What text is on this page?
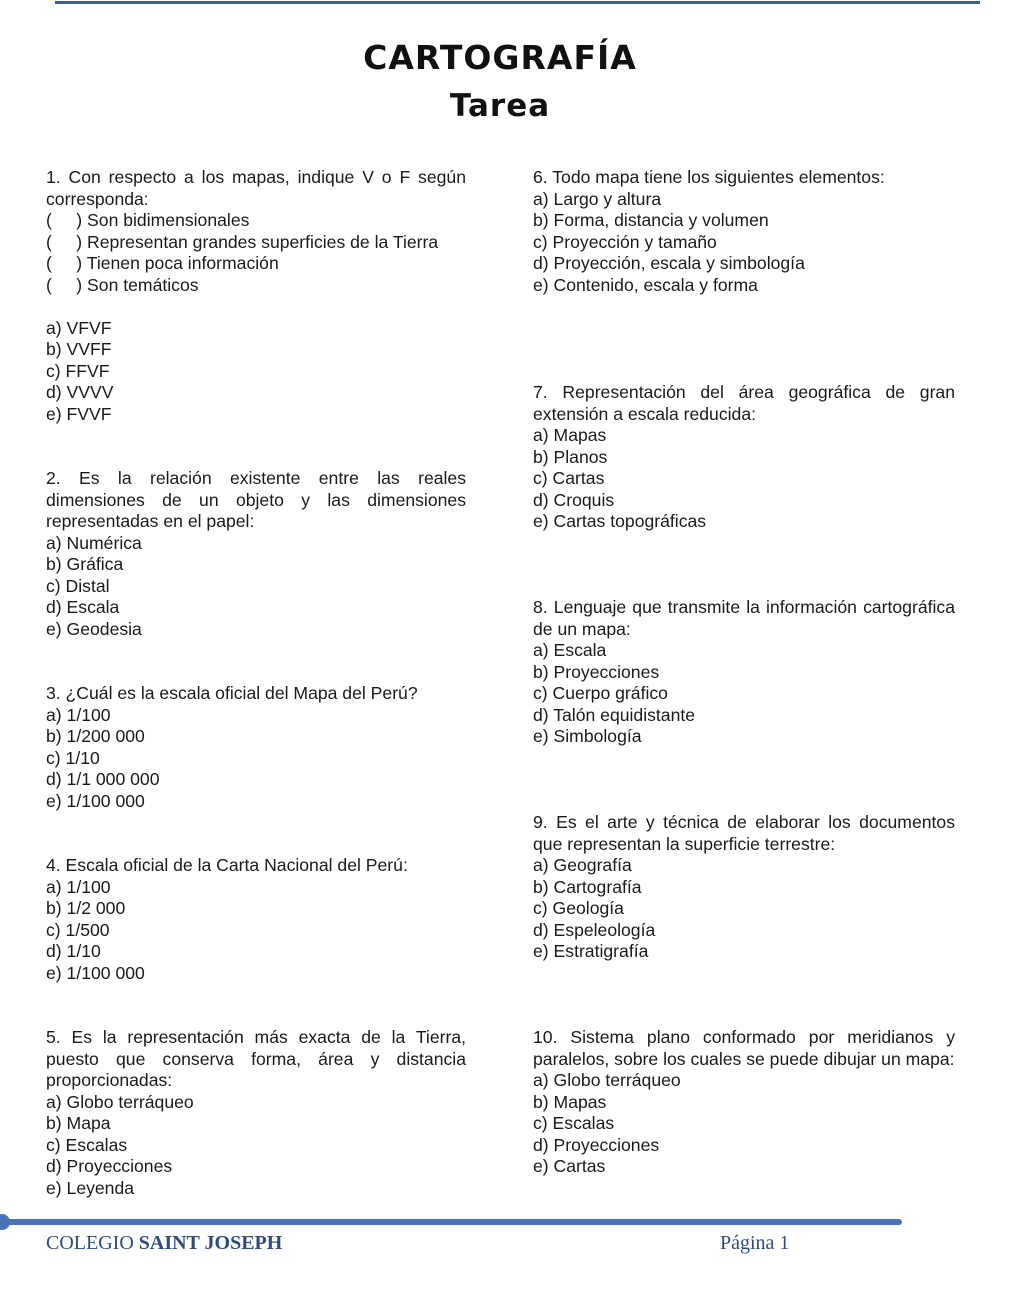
CARTOGRAFÍA
Tarea
1. Con respecto a los mapas, indique V o F según corresponda:
(     ) Son bidimensionales
(     ) Representan grandes superficies de la Tierra
(     ) Tienen poca información
(     ) Son temáticos
a) VFVF
b) VVFF
c) FFVF
d) VVVV
e) FVVF
2. Es la relación existente entre las reales dimensiones de un objeto y las dimensiones representadas en el papel:
a) Numérica
b) Gráfica
c) Distal
d) Escala
e) Geodesia
3. ¿Cuál es la escala oficial del Mapa del Perú?
a) 1/100
b) 1/200 000
c) 1/10
d) 1/1 000 000
e) 1/100 000
4. Escala oficial de la Carta Nacional del Perú:
a) 1/100
b) 1/2 000
c) 1/500
d) 1/10
e) 1/100 000
5. Es la representación más exacta de la Tierra, puesto que conserva forma, área y distancia proporcionadas:
a) Globo terráqueo
b) Mapa
c) Escalas
d) Proyecciones
e) Leyenda
6. Todo mapa tiene los siguientes elementos:
a) Largo y altura
b) Forma, distancia y volumen
c) Proyección y tamaño
d) Proyección, escala y simbología
e) Contenido, escala y forma
7. Representación del área geográfica de gran extensión a escala reducida:
a) Mapas
b) Planos
c) Cartas
d) Croquis
e) Cartas topográficas
8. Lenguaje que transmite la información cartográfica de un mapa:
a) Escala
b) Proyecciones
c) Cuerpo gráfico
d) Talón equidistante
e) Simbología
9. Es el arte y técnica de elaborar los documentos que representan la superficie terrestre:
a) Geografía
b) Cartografía
c) Geología
d) Espeleología
e) Estratigrafía
10. Sistema plano conformado por meridianos y paralelos, sobre los cuales se puede dibujar un mapa:
a) Globo terráqueo
b) Mapas
c) Escalas
d) Proyecciones
e) Cartas
COLEGIO SAINT JOSEPH	Página 1
